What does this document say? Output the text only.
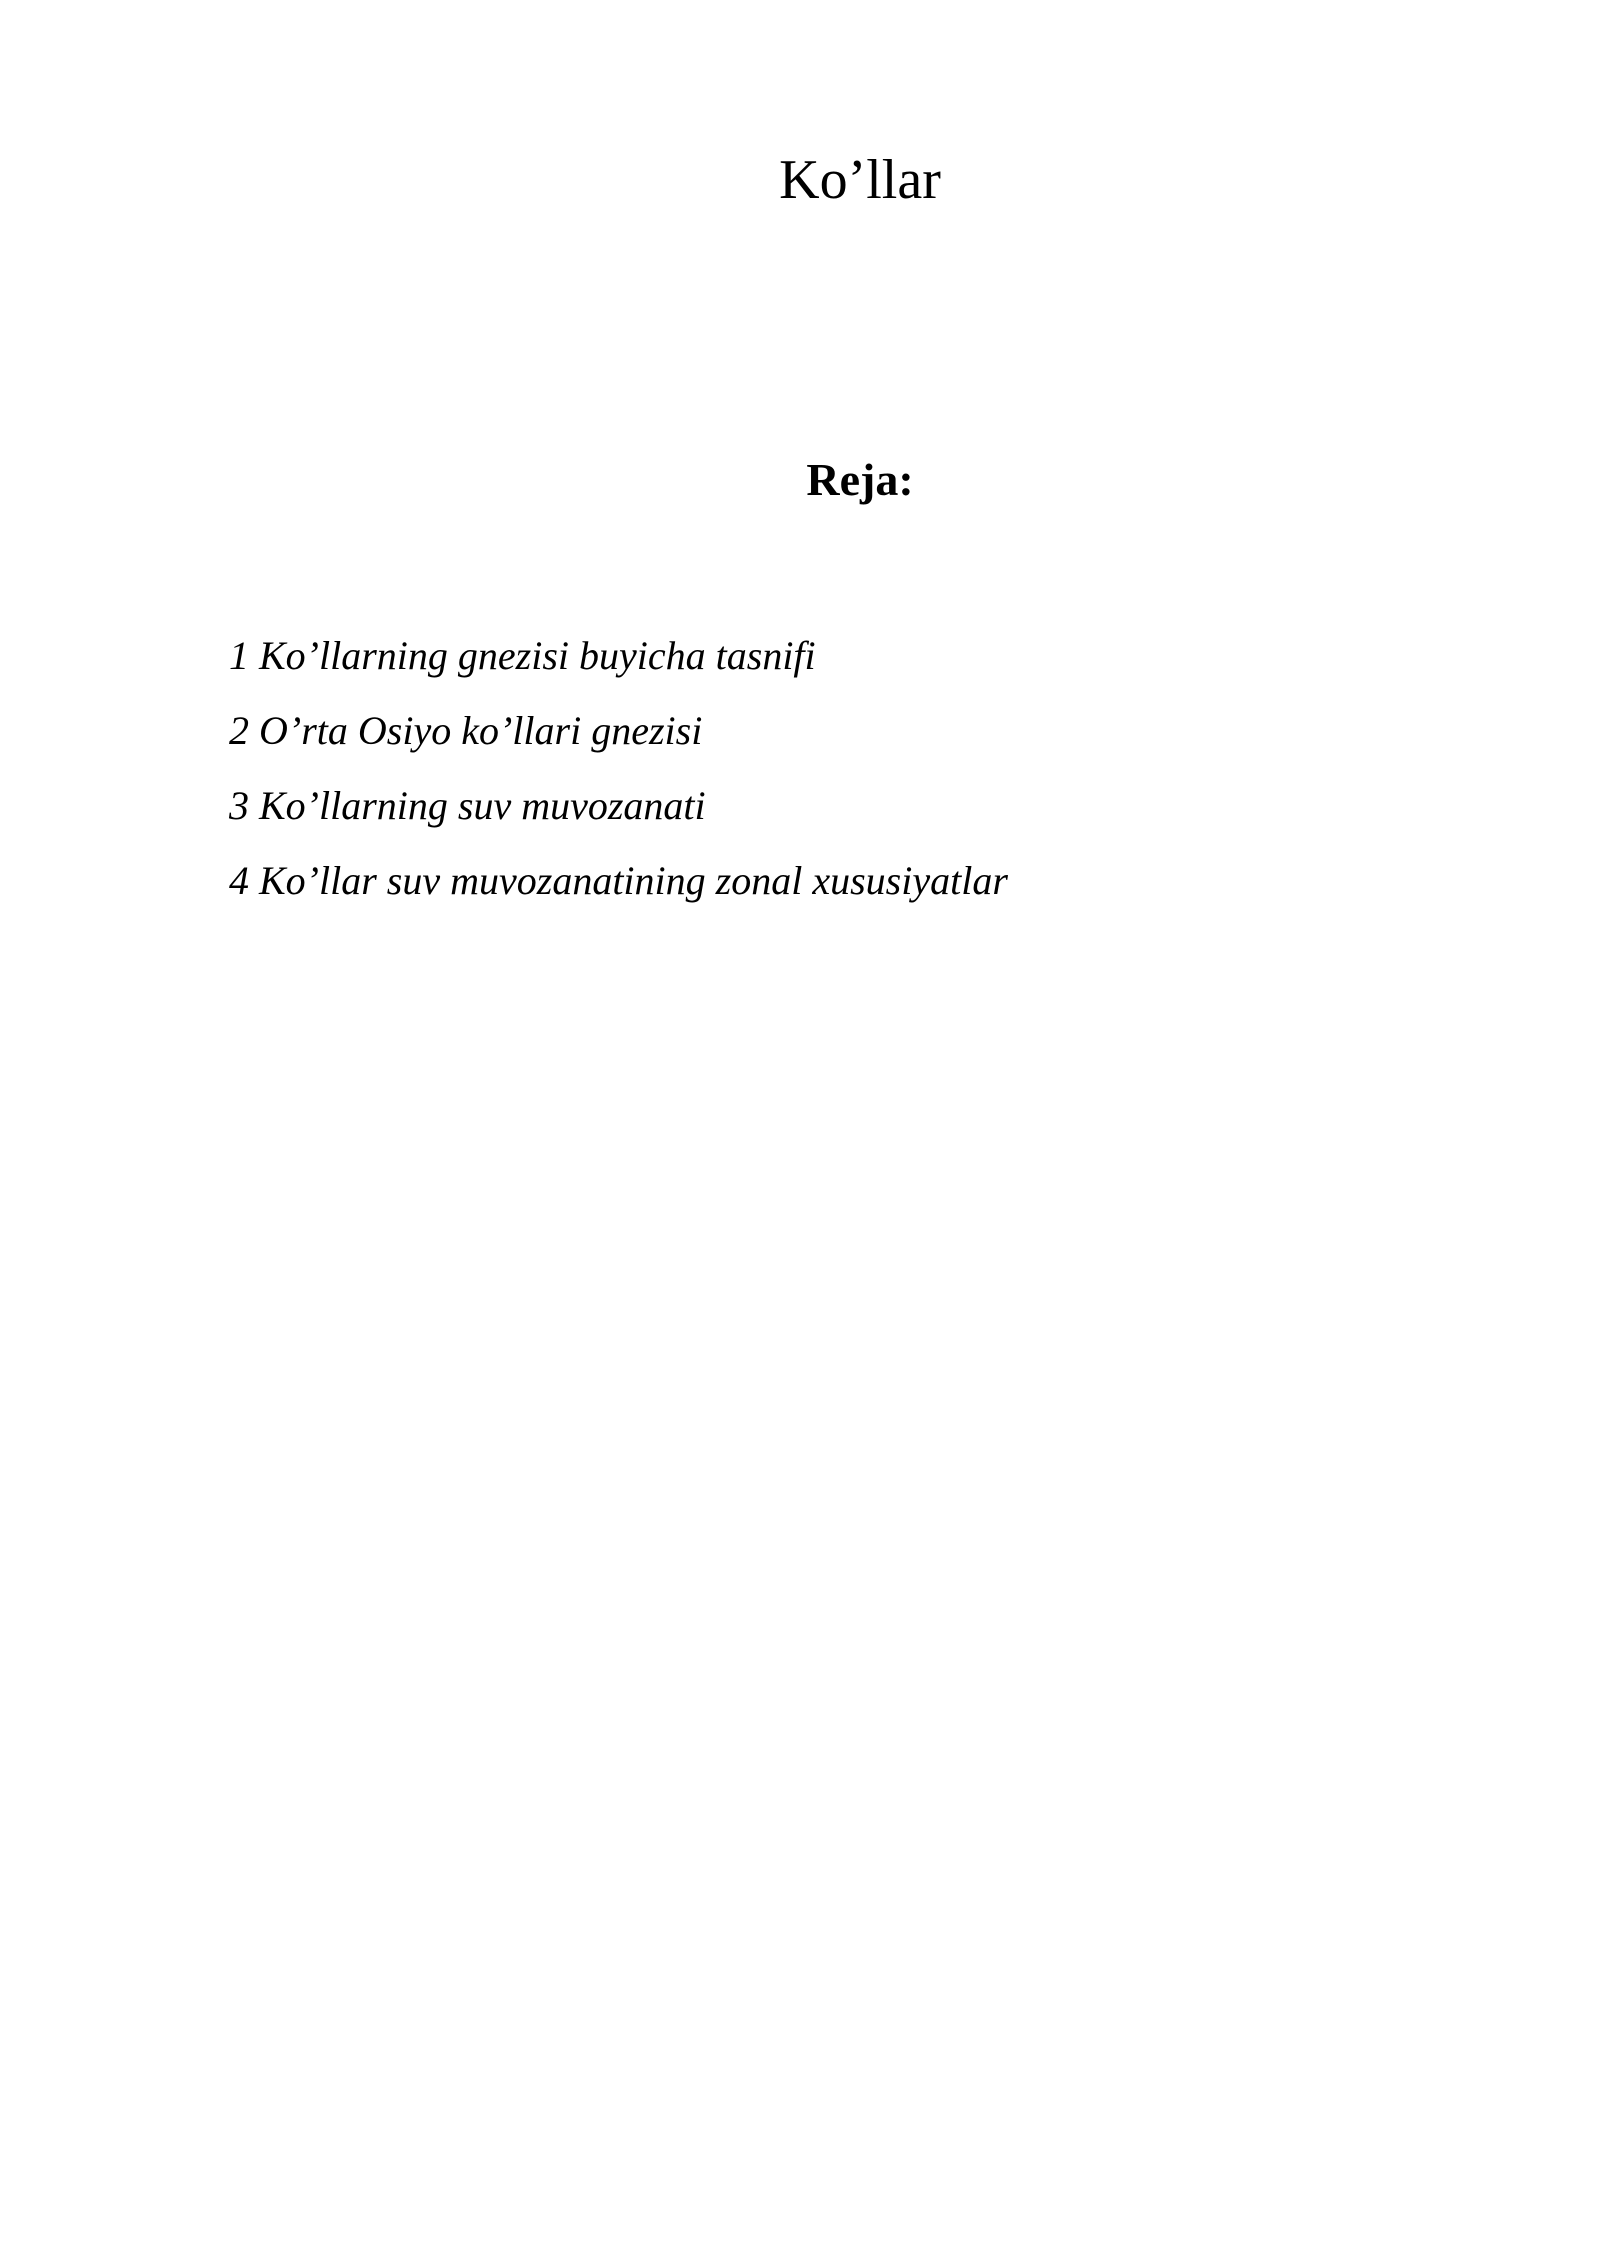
Ko’llar
Reja:
1 Ko’llarning gnezisi buyicha tasnifi
2 O’rta Osiyo ko’llari gnezisi
3 Ko’llarning suv muvozanati
4 Ko’llar suv muvozanatining zonal xususiyatlar
